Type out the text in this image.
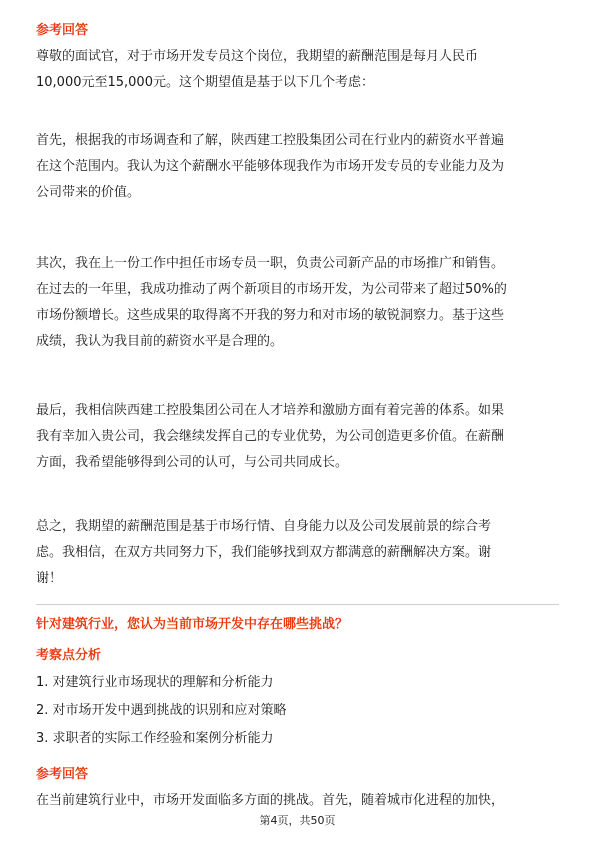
参考回答
尊敬的面试官，对于市场开发专员这个岗位，我期望的薪酬范围是每月人民币
10,000元至15,000元。这个期望值是基于以下几个考虑：
首先，根据我的市场调查和了解，陕西建工控股集团公司在行业内的薪资水平普遍
在这个范围内。我认为这个薪酬水平能够体现我作为市场开发专员的专业能力及为
公司带来的价值。
其次，我在上一份工作中担任市场专员一职，负责公司新产品的市场推广和销售。
在过去的一年里，我成功推动了两个新项目的市场开发，为公司带来了超过50%的
市场份额增长。这些成果的取得离不开我的努力和对市场的敏锐洞察力。基于这些
成绩，我认为我目前的薪资水平是合理的。
最后，我相信陕西建工控股集团公司在人才培养和激励方面有着完善的体系。如果
我有幸加入贵公司，我会继续发挥自己的专业优势，为公司创造更多价值。在薪酬
方面，我希望能够得到公司的认可，与公司共同成长。
总之，我期望的薪酬范围是基于市场行情、自身能力以及公司发展前景的综合考
虑。我相信，在双方共同努力下，我们能够找到双方都满意的薪酬解决方案。谢
谢！
针对建筑行业，您认为当前市场开发中存在哪些挑战？
考察点分析
1. 对建筑行业市场现状的理解和分析能力
2. 对市场开发中遇到挑战的识别和应对策略
3. 求职者的实际工作经验和案例分析能力
参考回答
在当前建筑行业中，市场开发面临多方面的挑战。首先，随着城市化进程的加快，
第4页，共50页
